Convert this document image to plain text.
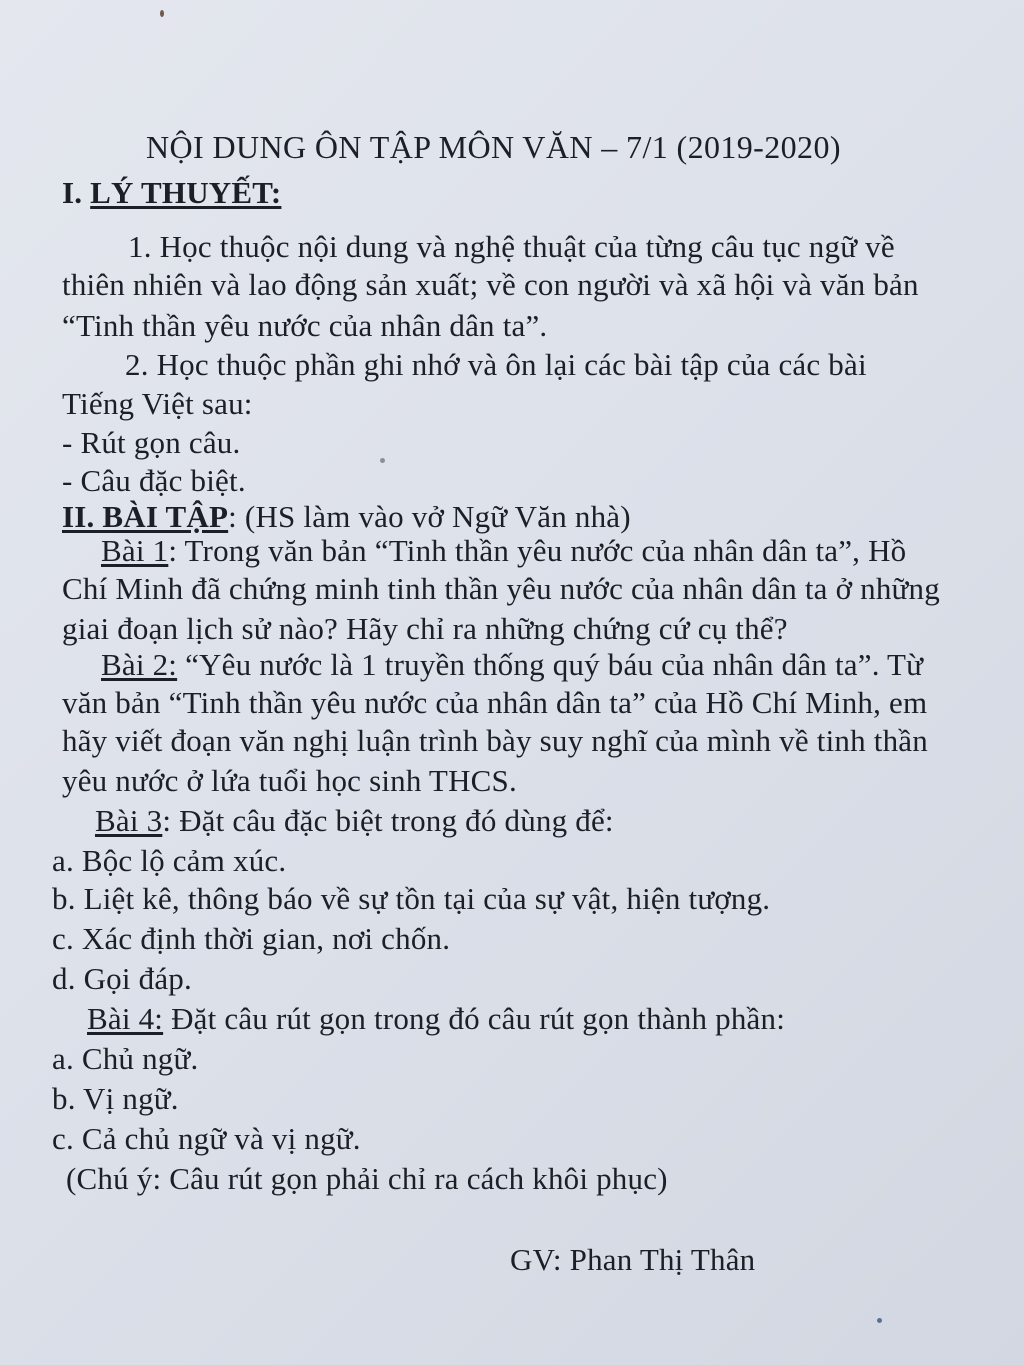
NỘI DUNG ÔN TẬP MÔN VĂN – 7/1 (2019-2020)
I. LÝ THUYẾT:
1. Học thuộc nội dung và nghệ thuật của từng câu tục ngữ về
thiên nhiên và lao động sản xuất; về con người và xã hội và văn bản
“Tinh thần yêu nước của nhân dân ta”.
2. Học thuộc phần ghi nhớ và ôn lại các bài tập của các bài
Tiếng Việt sau:
- Rút gọn câu.
- Câu đặc biệt.
II. BÀI TẬP: (HS làm vào vở Ngữ Văn nhà)
Bài 1: Trong văn bản “Tinh thần yêu nước của nhân dân ta”, Hồ
Chí Minh đã chứng minh tinh thần yêu nước của nhân dân ta ở những
giai đoạn lịch sử nào? Hãy chỉ ra những chứng cứ cụ thể?
Bài 2: “Yêu nước là 1 truyền thống quý báu của nhân dân ta”. Từ
văn bản “Tinh thần yêu nước của nhân dân ta” của Hồ Chí Minh, em
hãy viết đoạn văn nghị luận trình bày suy nghĩ của mình về tinh thần
yêu nước ở lứa tuổi học sinh THCS.
Bài 3: Đặt câu đặc biệt trong đó dùng để:
a. Bộc lộ cảm xúc.
b. Liệt kê, thông báo về sự tồn tại của sự vật, hiện tượng.
c. Xác định thời gian, nơi chốn.
d. Gọi đáp.
Bài 4: Đặt câu rút gọn trong đó câu rút gọn thành phần:
a. Chủ ngữ.
b. Vị ngữ.
c. Cả chủ ngữ và vị ngữ.
(Chú ý: Câu rút gọn phải chỉ ra cách khôi phục)
GV: Phan Thị Thân
